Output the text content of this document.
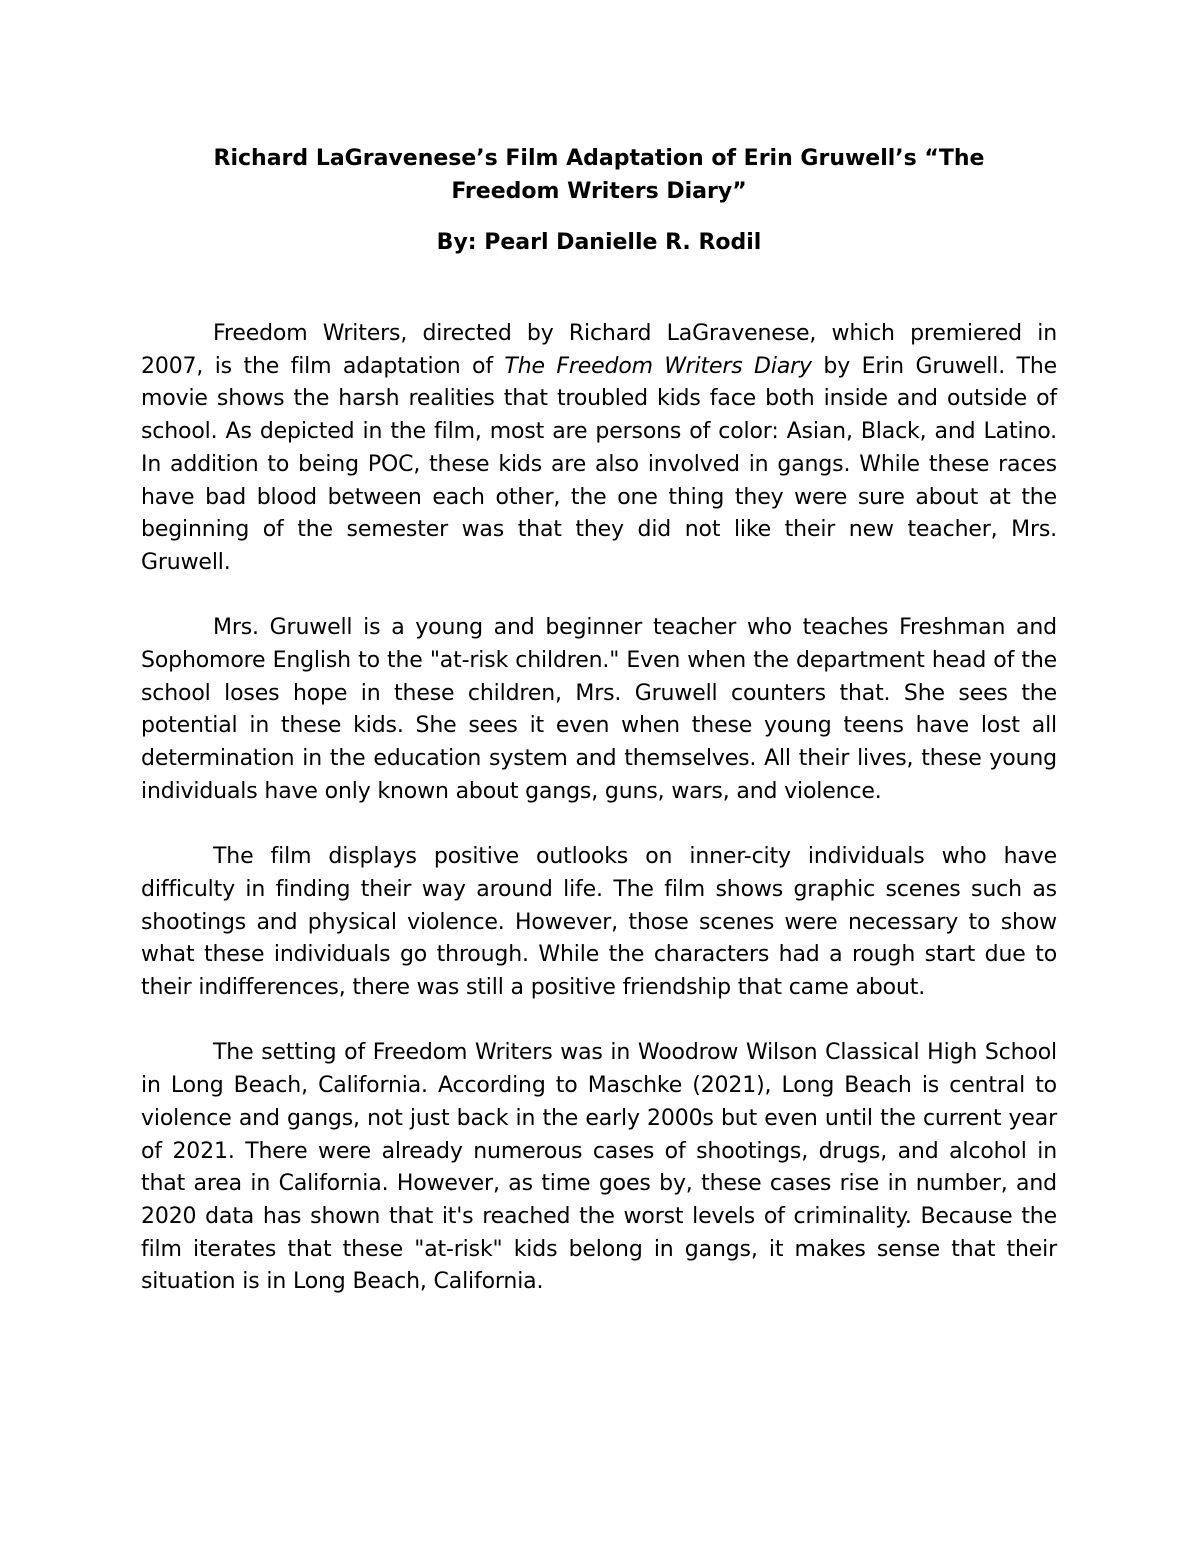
Richard LaGravenese’s Film Adaptation of Erin Gruwell’s “The Freedom Writers Diary”
By: Pearl Danielle R. Rodil

Freedom Writers, directed by Richard LaGravenese, which premiered in 2007, is the film adaptation of The Freedom Writers Diary by Erin Gruwell. The movie shows the harsh realities that troubled kids face both inside and outside of school. As depicted in the film, most are persons of color: Asian, Black, and Latino. In addition to being POC, these kids are also involved in gangs. While these races have bad blood between each other, the one thing they were sure about at the beginning of the semester was that they did not like their new teacher, Mrs. Gruwell.

Mrs. Gruwell is a young and beginner teacher who teaches Freshman and Sophomore English to the "at-risk children." Even when the department head of the school loses hope in these children, Mrs. Gruwell counters that. She sees the potential in these kids. She sees it even when these young teens have lost all determination in the education system and themselves. All their lives, these young individuals have only known about gangs, guns, wars, and violence.

The film displays positive outlooks on inner-city individuals who have difficulty in finding their way around life. The film shows graphic scenes such as shootings and physical violence. However, those scenes were necessary to show what these individuals go through. While the characters had a rough start due to their indifferences, there was still a positive friendship that came about.

The setting of Freedom Writers was in Woodrow Wilson Classical High School in Long Beach, California. According to Maschke (2021), Long Beach is central to violence and gangs, not just back in the early 2000s but even until the current year of 2021. There were already numerous cases of shootings, drugs, and alcohol in that area in California. However, as time goes by, these cases rise in number, and 2020 data has shown that it's reached the worst levels of criminality. Because the film iterates that these "at-risk" kids belong in gangs, it makes sense that their situation is in Long Beach, California.
